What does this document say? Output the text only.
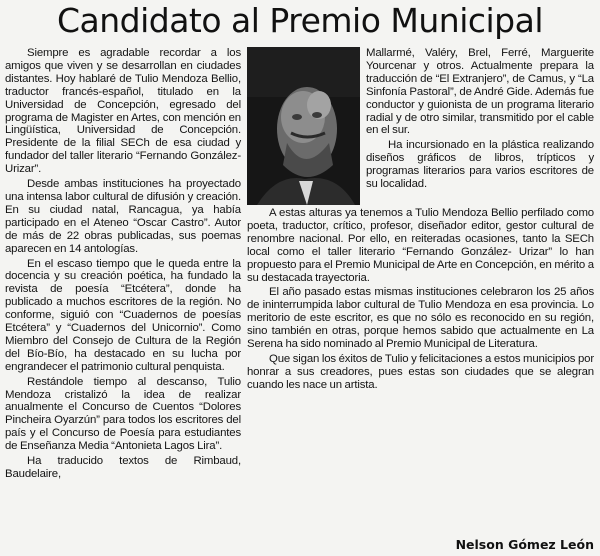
Candidato al Premio Municipal

Siempre es agradable recordar a los amigos que viven y se desarrollan en ciudades distantes. Hoy hablaré de Tulio Mendoza Bellio, traductor francés-español, titulado en la Universidad de Concepción, egresado del programa de Magister en Artes, con mención en Lingüística, Universidad de Concepción. Presidente de la filial SECh de esa ciudad y fundador del taller literario “Fernando González-Urizar”.

Desde ambas instituciones ha proyectado una intensa labor cultural de difusión y creación. En su ciudad natal, Rancagua, ya había participado en el Ateneo “Oscar Castro”. Autor de más de 22 obras publicadas, sus poemas aparecen en 14 antologías.

En el escaso tiempo que le queda entre la docencia y su creación poética, ha fundado la revista de poesía “Etcétera”, donde ha publicado a muchos escritores de la región. No conforme, siguió con “Cuadernos de poesías Etcétera” y “Cuadernos del Unicornio”. Como Miembro del Consejo de Cultura de la Región del Bío-Bío, ha destacado en su lucha por engrandecer el patrimonio cultural penquista.

Restándole tiempo al descanso, Tulio Mendoza cristalizó la idea de realizar anualmente el Concurso de Cuentos “Dolores Pincheira Oyarzún” para todos los escritores del país y el Concurso de Poesía para estudiantes de Enseñanza Media “Antonieta Lagos Lira”.

Ha traducido textos de Rimbaud, Baudelaire,

Mallarmé, Valéry, Brel, Ferré, Marguerite Yourcenar y otros. Actualmente prepara la traducción de “El Extranjero”, de Camus, y “La Sinfonía Pastoral”, de André Gide. Además fue conductor y guionista de un programa literario radial y de otro similar, transmitido por el cable en el sur.

Ha incursionado en la plástica realizando diseños gráficos de libros, trípticos y programas literarios para varios escritores de su localidad.

A estas alturas ya tenemos a Tulio Mendoza Bellio perfilado como poeta, traductor, crítico, profesor, diseñador editor, gestor cultural de renombre nacional. Por ello, en reiteradas ocasiones, tanto la SECh local como el taller literario “Fernando González- Urizar” lo han propuesto para el Premio Municipal de Arte en Concepción, en mérito a su destacada trayectoria.

El año pasado estas mismas instituciones celebraron los 25 años de ininterrumpida labor cultural de Tulio Mendoza en esa provincia. Lo meritorio de este escritor, es que no sólo es reconocido en su región, sino también en otras, porque hemos sabido que actualmente en La Serena ha sido nominado al Premio Municipal de Literatura.

Que sigan los éxitos de Tulio y felicitaciones a estos municipios por honrar a sus creadores, pues estas son ciudades que se alegran cuando les nace un artista.

Nelson Gómez León
